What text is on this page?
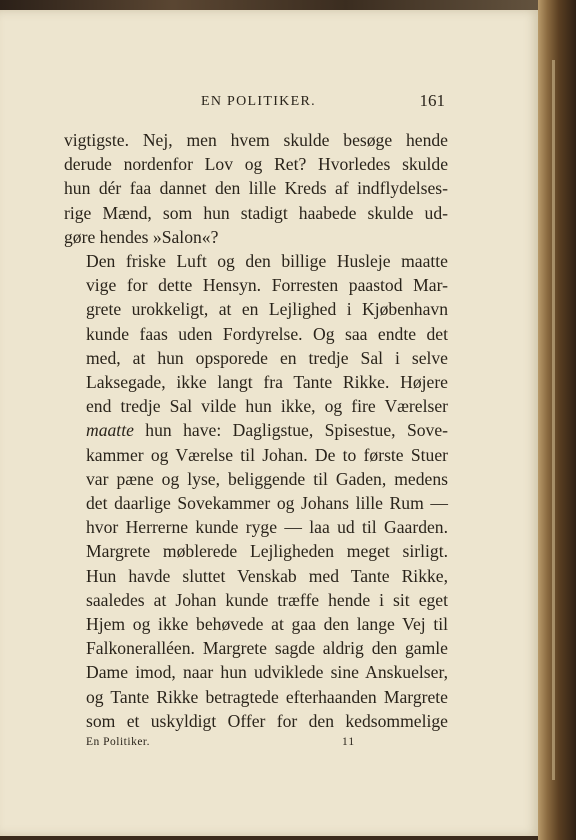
EN POLITIKER.	161

vigtigste. Nej, men hvem skulde besøge hende
derude nordenfor Lov og Ret? Hvorledes skulde
hun dér faa dannet den lille Kreds af indflydelses-
rige Mænd, som hun stadigt haabede skulde ud-
gøre hendes »Salon«?

Den friske Luft og den billige Husleje maatte
vige for dette Hensyn. Forresten paastod Mar-
grete urokkeligt, at en Lejlighed i Kjøbenhavn
kunde faas uden Fordyrelse. Og saa endte det
med, at hun opsporede en tredje Sal i selve
Laksegade, ikke langt fra Tante Rikke. Højere
end tredje Sal vilde hun ikke, og fire Værelser
maatte hun have: Dagligstue, Spisestue, Sove-
kammer og Værelse til Johan. De to første Stuer
var pæne og lyse, beliggende til Gaden, medens
det daarlige Sovekammer og Johans lille Rum —
hvor Herrerne kunde ryge — laa ud til Gaarden.

Margrete møblerede Lejligheden meget sirligt.
Hun havde sluttet Venskab med Tante Rikke,
saaledes at Johan kunde træffe hende i sit eget
Hjem og ikke behøvede at gaa den lange Vej til
Falkoneralléen. Margrete sagde aldrig den gamle
Dame imod, naar hun udviklede sine Anskuelser,
og Tante Rikke betragtede efterhaanden Margrete
som et uskyldigt Offer for den kedsommelige

En Politiker.	11
